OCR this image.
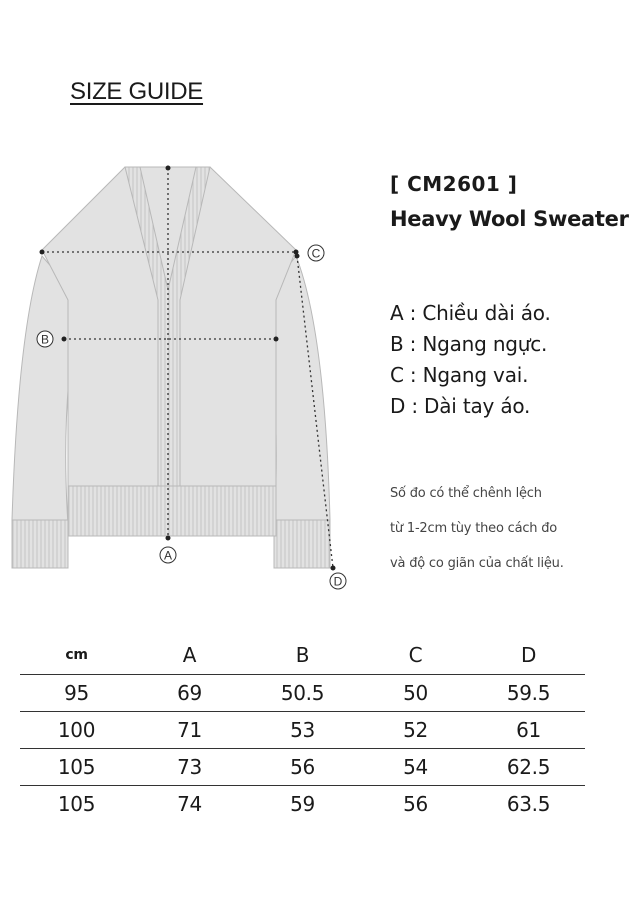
SIZE GUIDE
A
B
C
D
[ CM2601 ]
Heavy Wool Sweater
A : Chiều dài áo.
B : Ngang ngực.
C : Ngang vai.
D : Dài tay áo.
Số đo có thể chênh lệch
từ 1-2cm tùy theo cách đo
và độ co giãn của chất liệu.
cm	A	B	C	D
95	69	50.5	50	59.5
100	71	53	52	61
105	73	56	54	62.5
105	74	59	56	63.5
